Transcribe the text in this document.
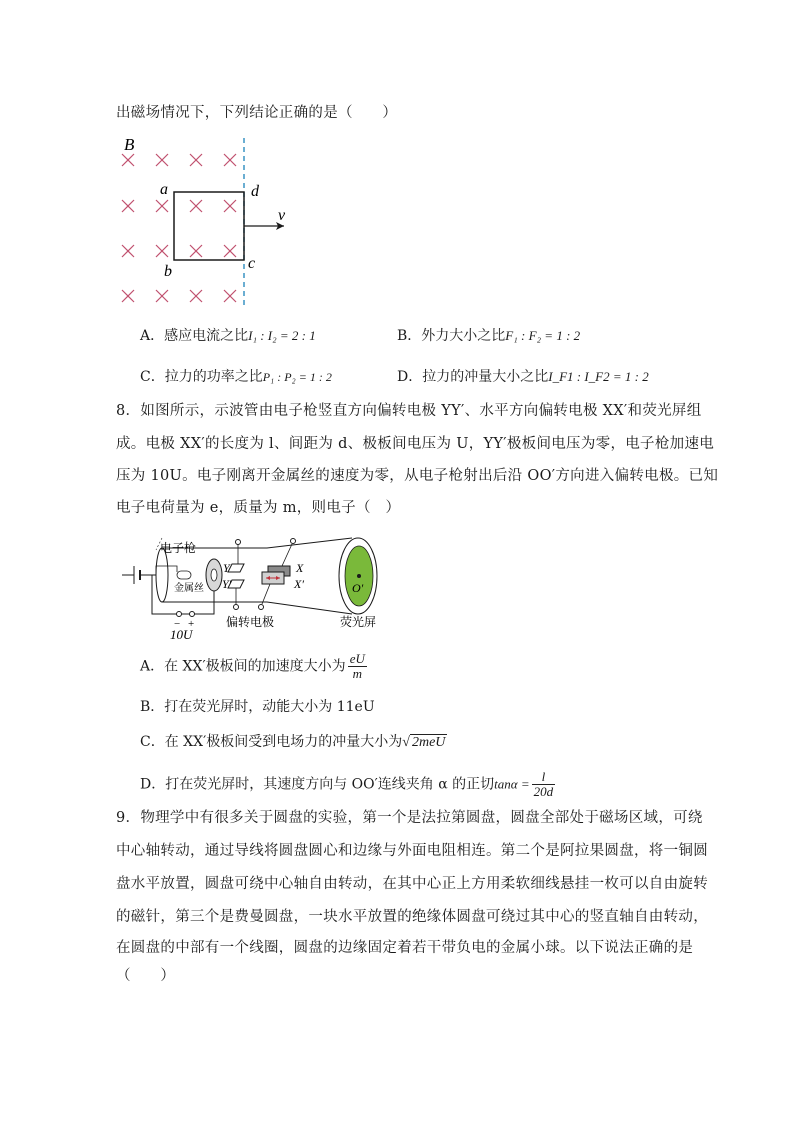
出磁场情况下，下列结论正确的是（　　）
B
v
a	d
b	c
A．感应电流之比I₁ : I₂ = 2 : 1	B．外力大小之比F₁ : F₂ = 1 : 2
C．拉力的功率之比P₁ : P₂ = 1 : 2	D．拉力的冲量大小之比I_F1 : I_F2 = 1 : 2
8．如图所示，示波管由电子枪竖直方向偏转电极 YY′、水平方向偏转电极 XX′和荧光屏组
成。电极 XX′的长度为 l、间距为 d、极板间电压为 U，YY′极板间电压为零，电子枪加速电
压为 10U。电子刚离开金属丝的速度为零，从电子枪射出后沿 OO′方向进入偏转电极。已知
电子电荷量为 e，质量为 m，则电子（　）
O′
− +
10U
电子枪
金属丝
Y
Y′
X
X′
偏转电极	荧光屏
A．在 XX′极板间的加速度大小为 $\frac{eU}{m}$
B．打在荧光屏时，动能大小为 11eU
C．在 XX′极板间受到电场力的冲量大小为√ 2meU
D．打在荧光屏时，其速度方向与 OO′连线夹角 α 的正切$\tan\alpha = \frac{l}{20d}$
9．物理学中有很多关于圆盘的实验，第一个是法拉第圆盘，圆盘全部处于磁场区域，可绕
中心轴转动，通过导线将圆盘圆心和边缘与外面电阻相连。第二个是阿拉果圆盘，将一铜圆
盘水平放置，圆盘可绕中心轴自由转动，在其中心正上方用柔软细线悬挂一枚可以自由旋转
的磁针，第三个是费曼圆盘，一块水平放置的绝缘体圆盘可绕过其中心的竖直轴自由转动，
在圆盘的中部有一个线圈，圆盘的边缘固定着若干带负电的金属小球。以下说法正确的是
（　　）
